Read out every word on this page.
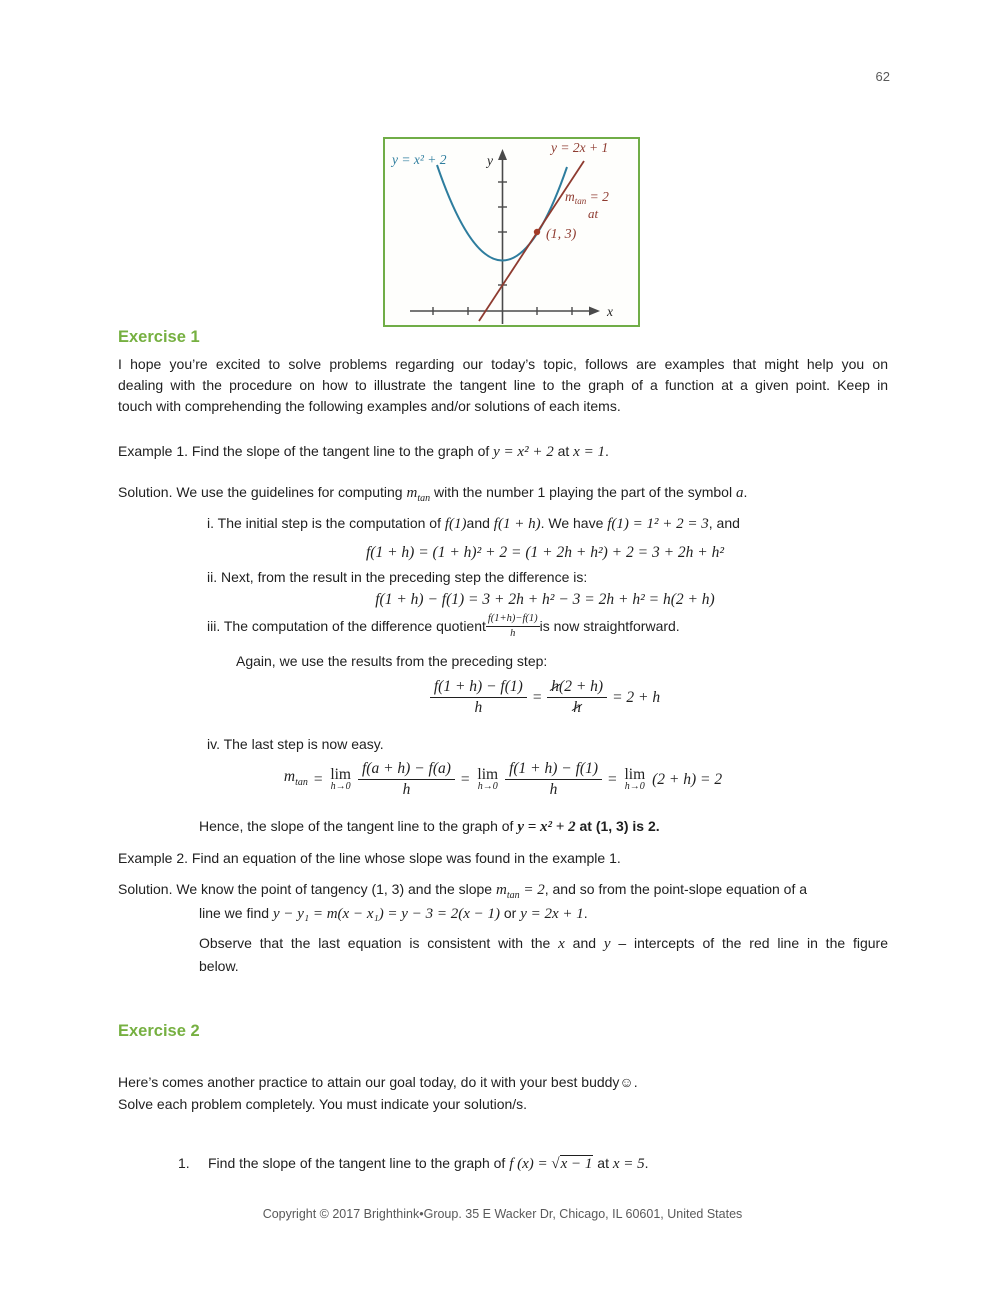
62
y = x² + 2	y
x
y = 2x + 1
$m_{tan} = 2$
at
(1, 3)
Exercise 1
I hope you’re excited to solve problems regarding our today’s topic, follows are examples that might help you on
dealing with the procedure on how to illustrate the tangent line to the graph of a function at a given point. Keep in
touch with comprehending the following examples and/or solutions of each items.
Example 1. Find the slope of the tangent line to the graph of y = x² + 2 at x = 1.
Solution. We use the guidelines for computing $m_{tan}$ with the number 1 playing the part of the symbol a.
i. The initial step is the computation of f(1)and f(1 + h). We have f(1) = 1² + 2 = 3, and
f(1 + h) = (1 + h)² + 2 = (1 + 2h + h²) + 2 = 3 + 2h + h²
ii. Next, from the result in the preceding step the difference is:
f(1 + h) − f(1) = 3 + 2h + h² − 3 = 2h + h² = h(2 + h)
iii. The computation of the difference quotient $\frac{f(1+h)-f(1)}{h}$ is now straightforward.
Again, we use the results from the preceding step:
$\frac{f(1 + h) - f(1)}{h} = \frac{h(2 + h)}{h} = 2 + h$
iv. The last step is now easy.
$m_{tan} = \lim$
$h\to 0 \frac{f(a + h) - f(a)}{h} = \lim$
$h\to 0 \frac{f(1 + h) - f(1)}{h} = \lim$
h→0 (2 + h) = 2
Hence, the slope of the tangent line to the graph of y = x² + 2 at (1, 3) is 2.
Example 2. Find an equation of the line whose slope was found in the example 1.
Solution. We know the point of tangency (1, 3) and the slope $m_{tan} = 2$, and so from the point-slope equation of a
line we find y − y₁ = m(x − x₁) = y − 3 = 2(x − 1) or y = 2x + 1.
Observe that the last equation is consistent with the x and y – intercepts of the red line in the figure
below.
Exercise 2
Here’s comes another practice to attain our goal today, do it with your best buddy☺.
Solve each problem completely. You must indicate your solution/s.
1. Find the slope of the tangent line to the graph of f (x) = √x − 1 at x = 5.
Copyright © 2017 Brighthink•Group. 35 E Wacker Dr, Chicago, IL 60601, United States
